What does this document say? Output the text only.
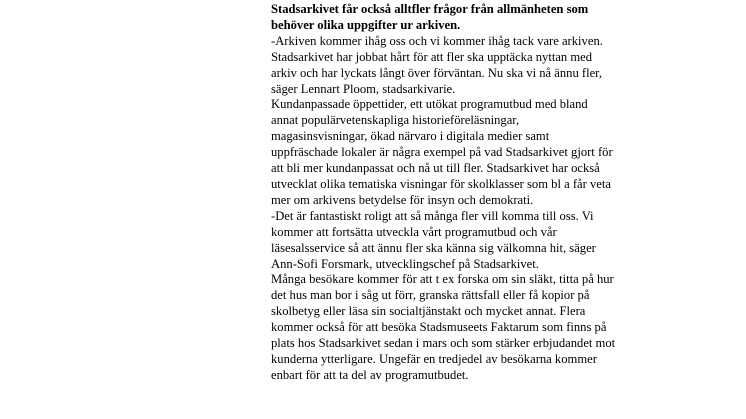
Stadsarkivet får också alltfler frågor från allmänheten som
behöver olika uppgifter ur arkiven.

-Arkiven kommer ihåg oss och vi kommer ihåg tack vare arkiven.
Stadsarkivet har jobbat hårt för att fler ska upptäcka nyttan med
arkiv och har lyckats långt över förväntan. Nu ska vi nå ännu fler,
säger Lennart Ploom, stadsarkivarie.

Kundanpassade öppettider, ett utökat programutbud med bland
annat populärvetenskapliga historieföreläsningar,
magasinsvisningar, ökad närvaro i digitala medier samt
uppfräschade lokaler är några exempel på vad Stadsarkivet gjort för
att bli mer kundanpassat och nå ut till fler. Stadsarkivet har också
utvecklat olika tematiska visningar för skolklasser som bl a får veta
mer om arkivens betydelse för insyn och demokrati.

-Det är fantastiskt roligt att så många fler vill komma till oss. Vi
kommer att fortsätta utveckla vårt programutbud och vår
läsesalsservice så att ännu fler ska känna sig välkomna hit, säger
Ann-Sofi Forsmark, utvecklingschef på Stadsarkivet.

Många besökare kommer för att t ex forska om sin släkt, titta på hur
det hus man bor i såg ut förr, granska rättsfall eller få kopior på
skolbetyg eller läsa sin socialtjänstakt och mycket annat. Flera
kommer också för att besöka Stadsmuseets Faktarum som finns på
plats hos Stadsarkivet sedan i mars och som stärker erbjudandet mot
kunderna ytterligare. Ungefär en tredjedel av besökarna kommer
enbart för att ta del av programutbudet.
